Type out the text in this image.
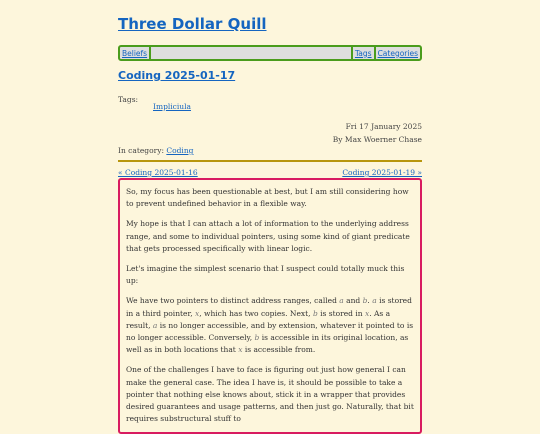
Three Dollar Quill
Beliefs	Tags Categories
Coding 2025-01-17
Tags:
Impliciula
Fri 17 January 2025
By Max Woerner Chase
In category: Coding
« Coding 2025-01-16	Coding 2025-01-19 »

So, my focus has been questionable at best, but I am still considering how to prevent undefined behavior in a flexible way.

My hope is that I can attach a lot of information to the underlying address range, and some to individual pointers, using some kind of giant predicate that gets processed specifically with linear logic.

Let's imagine the simplest scenario that I suspect could totally muck this up:

We have two pointers to distinct address ranges, called a and b. a is stored in a third pointer, x, which has two copies. Next, b is stored in x. As a result, a is no longer accessible, and by extension, whatever it pointed to is no longer accessible. Conversely, b is accessible in its original location, as well as in both locations that x is accessible from.

One of the challenges I have to face is figuring out just how general I can make the general case. The idea I have is, it should be possible to take a pointer that nothing else knows about, stick it in a wrapper that provides desired guarantees and usage patterns, and then just go. Naturally, that bit requires substructural stuff to
